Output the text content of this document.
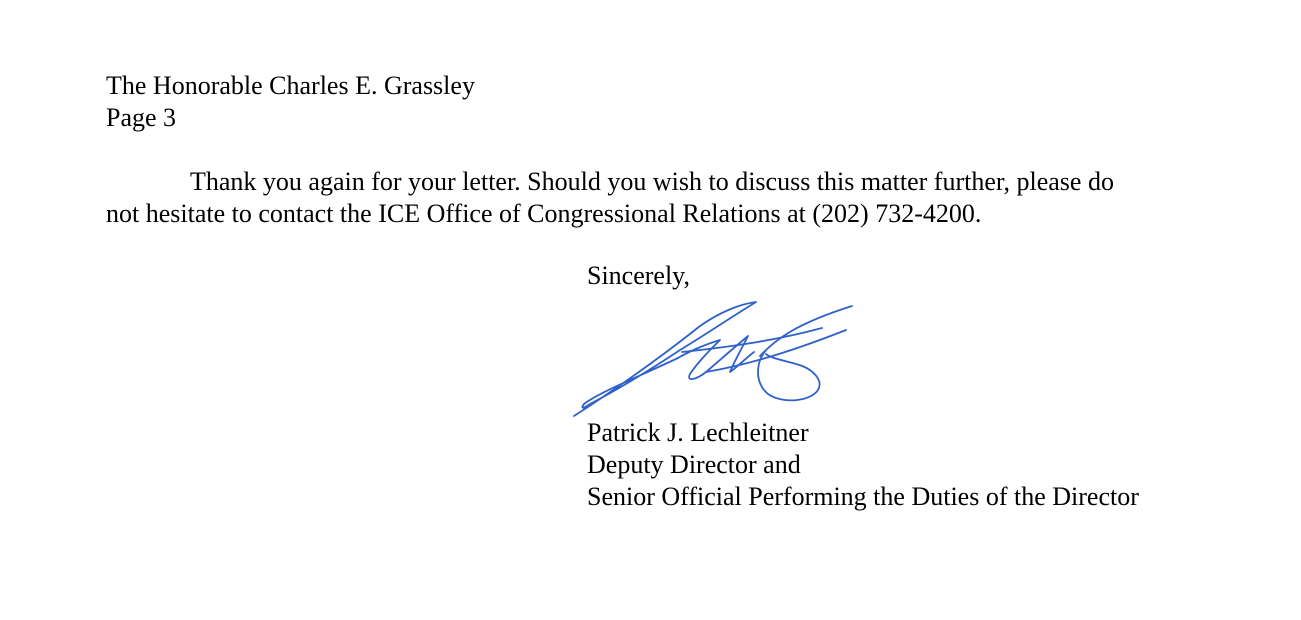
The Honorable Charles E. Grassley
Page 3
Thank you again for your letter. Should you wish to discuss this matter further, please do
not hesitate to contact the ICE Office of Congressional Relations at (202) 732-4200.
Sincerely,
Patrick J. Lechleitner
Deputy Director and
Senior Official Performing the Duties of the Director
